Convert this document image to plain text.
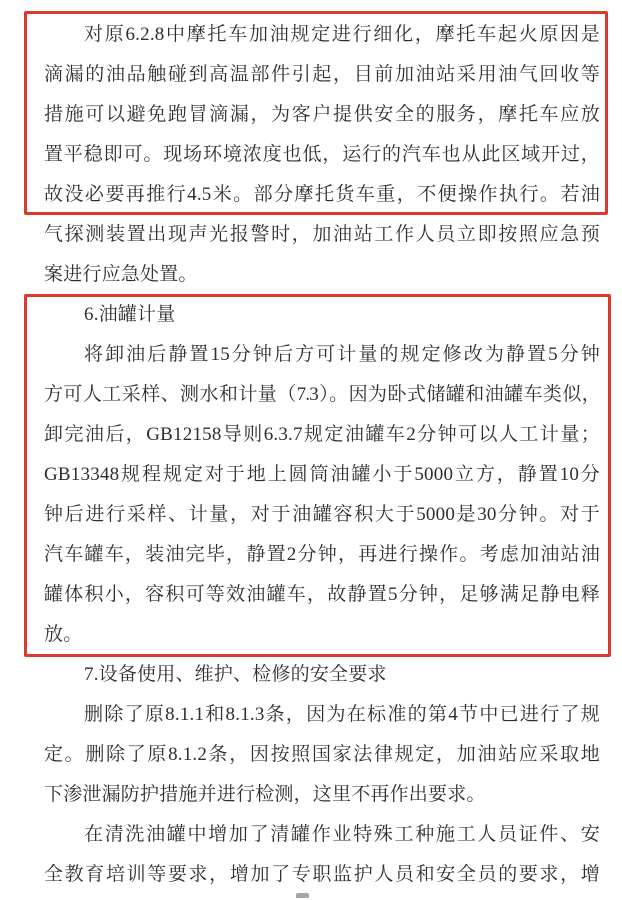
对原6.2.8中摩托车加油规定进行细化，摩托车起火原因是
滴漏的油品触碰到高温部件引起，目前加油站采用油气回收等
措施可以避免跑冒滴漏，为客户提供安全的服务，摩托车应放
置平稳即可。现场环境浓度也低，运行的汽车也从此区域开过，
故没必要再推行4.5米。部分摩托货车重，不便操作执行。若油
气探测装置出现声光报警时，加油站工作人员立即按照应急预
案进行应急处置。
6.油罐计量
将卸油后静置15分钟后方可计量的规定修改为静置5分钟
方可人工采样、测水和计量（7.3）。因为卧式储罐和油罐车类似，
卸完油后，GB12158导则6.3.7规定油罐车2分钟可以人工计量；
GB13348规程规定对于地上圆筒油罐小于5000立方，静置10分
钟后进行采样、计量，对于油罐容积大于5000是30分钟。对于
汽车罐车，装油完毕，静置2分钟，再进行操作。考虑加油站油
罐体积小，容积可等效油罐车，故静置5分钟，足够满足静电释
放。
7.设备使用、维护、检修的安全要求
删除了原8.1.1和8.1.3条，因为在标准的第4节中已进行了规
定。删除了原8.1.2条，因按照国家法律规定，加油站应采取地
下渗泄漏防护措施并进行检测，这里不再作出要求。
在清洗油罐中增加了清罐作业特殊工种施工人员证件、安
全教育培训等要求，增加了专职监护人员和安全员的要求，增
